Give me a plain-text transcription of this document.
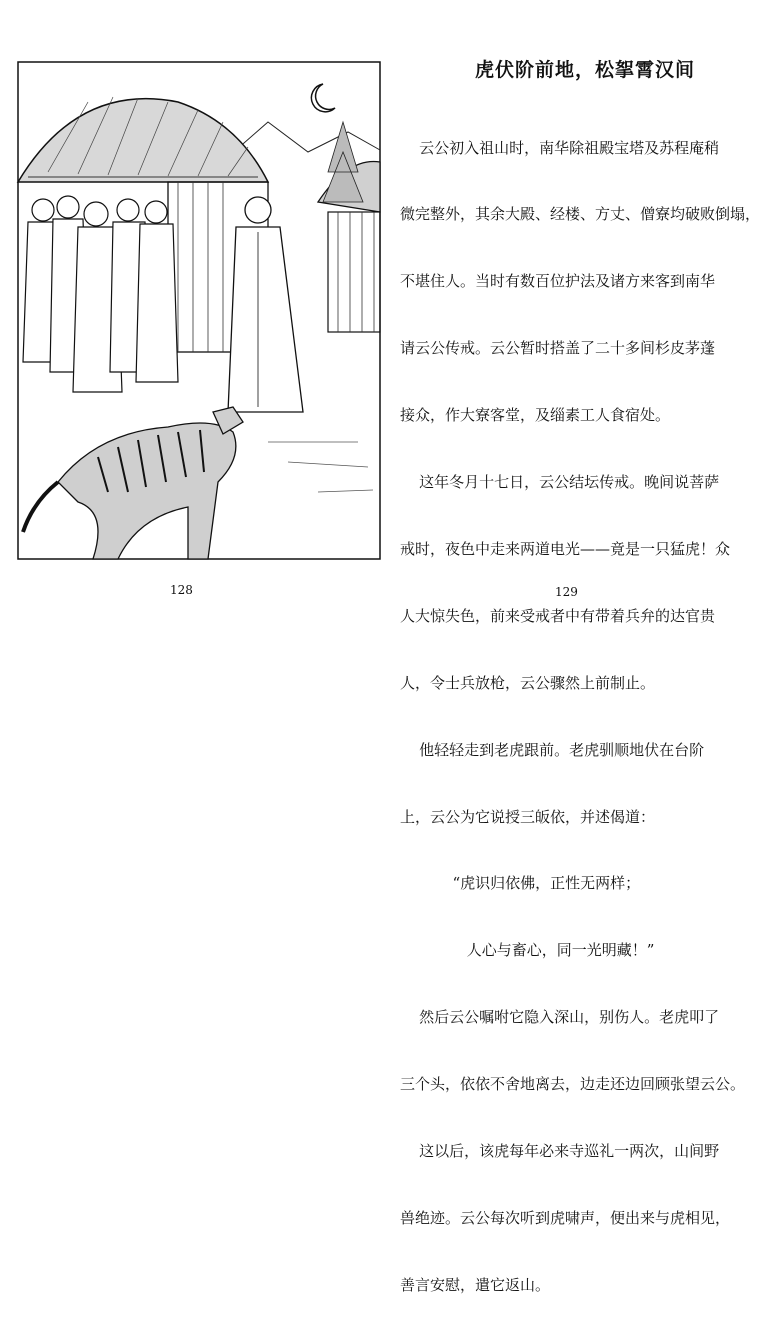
128
虎伏阶前地，松挐霄汉间

云公初入祖山时，南华除祖殿宝塔及苏程庵稍

微完整外，其余大殿、经楼、方丈、僧寮均破败倒塌，

不堪住人。当时有数百位护法及诸方来客到南华

请云公传戒。云公暂时搭盖了二十多间杉皮茅蓬

接众，作大寮客堂，及缁素工人食宿处。

这年冬月十七日，云公结坛传戒。晚间说菩萨

戒时，夜色中走来两道电光——竟是一只猛虎！众

人大惊失色，前来受戒者中有带着兵弁的达官贵

人，令士兵放枪，云公骤然上前制止。

他轻轻走到老虎跟前。老虎驯顺地伏在台阶

上，云公为它说授三皈依，并述偈道：

“虎识归依佛，正性无两样；

人心与畜心，同一光明藏！”

然后云公嘱咐它隐入深山，别伤人。老虎叩了

三个头，依依不舍地离去，边走还边回顾张望云公。

这以后，该虎每年必来寺巡礼一两次，山间野

兽绝迹。云公每次听到虎啸声，便出来与虎相见，

善言安慰，遣它返山。

129
